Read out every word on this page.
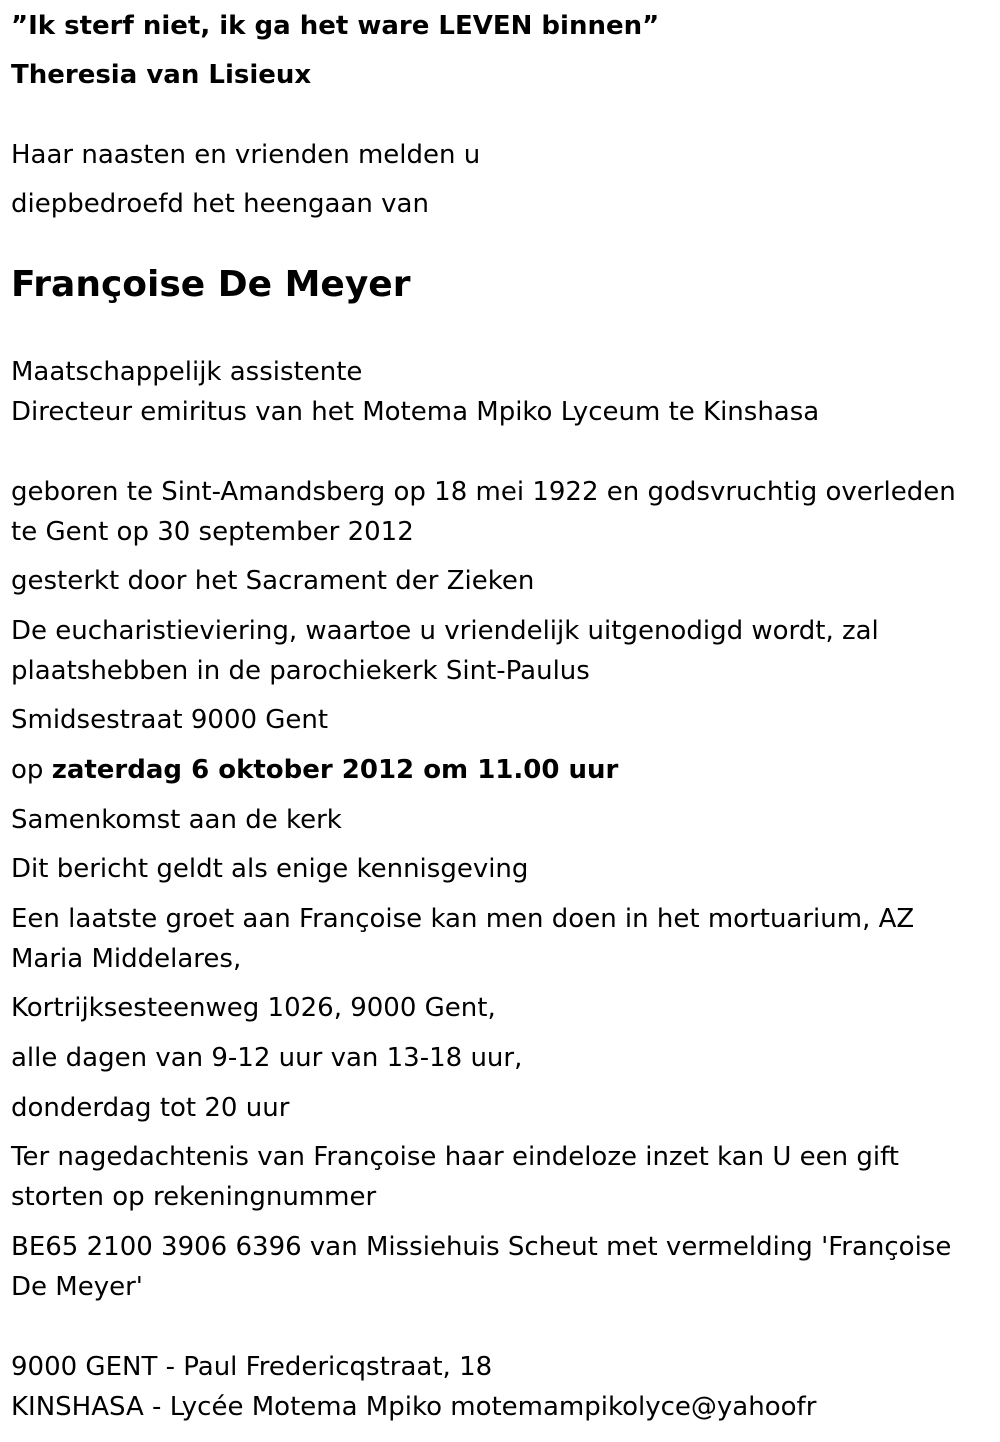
”Ik sterf niet, ik ga het ware LEVEN binnen”
Theresia van Lisieux
Haar naasten en vrienden melden u
diepbedroefd het heengaan van
Françoise De Meyer
Maatschappelijk assistente
Directeur emiritus van het Motema Mpiko Lyceum te Kinshasa
geboren te Sint-Amandsberg op 18 mei 1922 en godsvruchtig overleden te Gent op 30 september 2012
gesterkt door het Sacrament der Zieken
De eucharistieviering, waartoe u vriendelijk uitgenodigd wordt, zal plaatshebben in de parochiekerk Sint-Paulus
Smidsestraat 9000 Gent
op zaterdag 6 oktober 2012 om 11.00 uur
Samenkomst aan de kerk
Dit bericht geldt als enige kennisgeving
Een laatste groet aan Françoise kan men doen in het mortuarium, AZ Maria Middelares,
Kortrijksesteenweg 1026, 9000 Gent,
alle dagen van 9-12 uur van 13-18 uur,
donderdag tot 20 uur
Ter nagedachtenis van Françoise haar eindeloze inzet kan U een gift storten op rekeningnummer
BE65 2100 3906 6396 van Missiehuis Scheut met vermelding 'Françoise De Meyer'
9000 GENT - Paul Fredericqstraat, 18
KINSHASA - Lycée Motema Mpiko motemampikolyce@yahoofr
